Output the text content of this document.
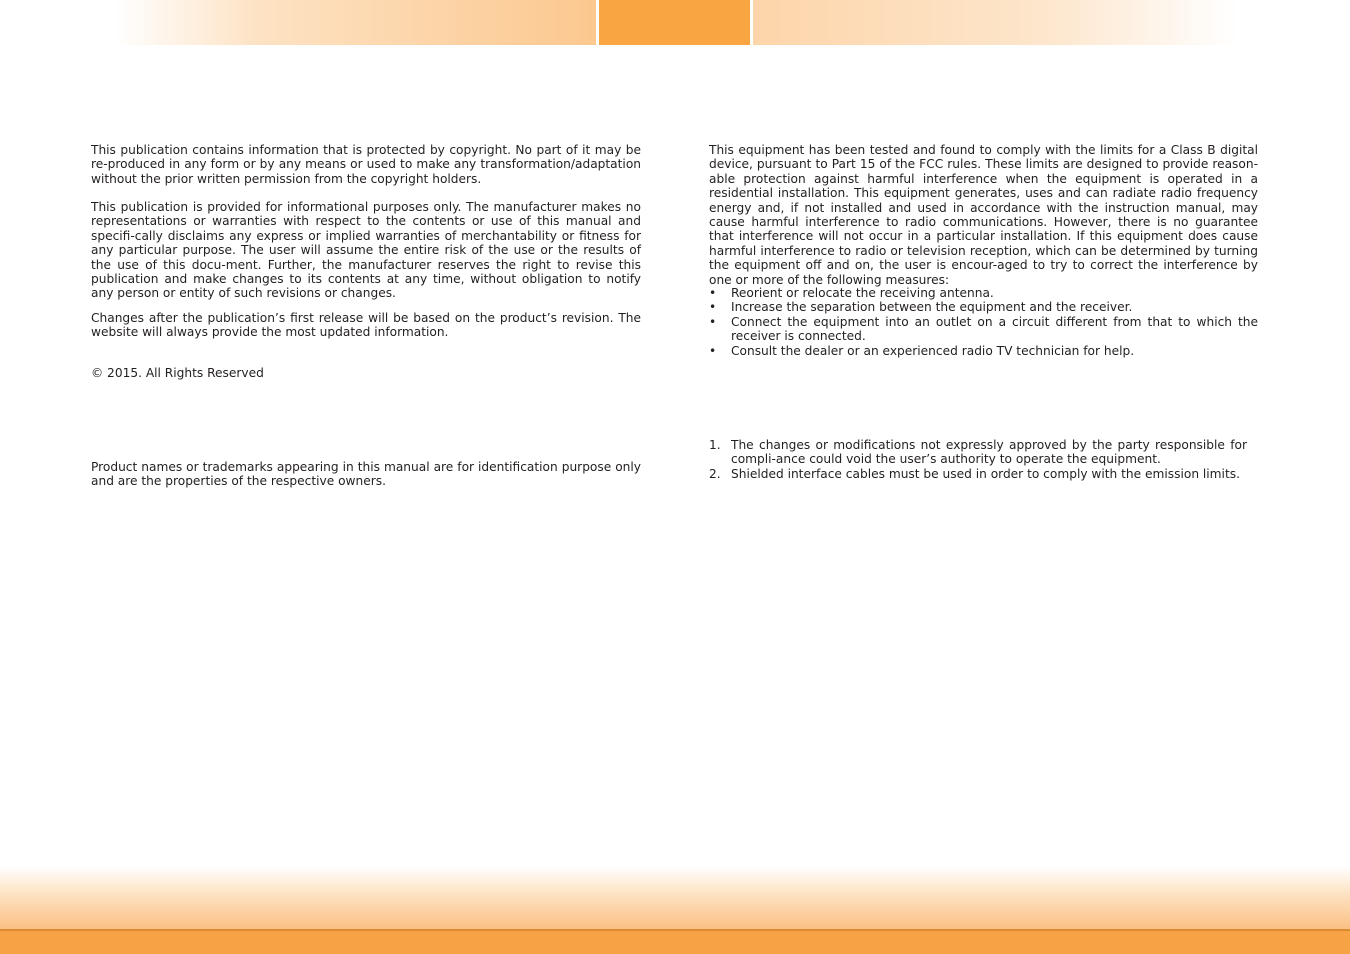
This publication contains information that is protected by copyright. No part of it may be re-produced in any form or by any means or used to make any transformation/adaptation without the prior written permission from the copyright holders.

This publication is provided for informational purposes only. The manufacturer makes no representations or warranties with respect to the contents or use of this manual and specifi-cally disclaims any express or implied warranties of merchantability or fitness for any particular purpose. The user will assume the entire risk of the use or the results of the use of this docu-ment. Further, the manufacturer reserves the right to revise this publication and make changes to its contents at any time, without obligation to notify any person or entity of such revisions or changes.

Changes after the publication’s first release will be based on the product’s revision. The website will always provide the most updated information.

© 2015. All Rights Reserved

Product names or trademarks appearing in this manual are for identification purpose only and are the properties of the respective owners.

This equipment has been tested and found to comply with the limits for a Class B digital device, pursuant to Part 15 of the FCC rules. These limits are designed to provide reason-able protection against harmful interference when the equipment is operated in a residential installation. This equipment generates, uses and can radiate radio frequency energy and, if not installed and used in accordance with the instruction manual, may cause harmful interference to radio communications. However, there is no guarantee that interference will not occur in a particular installation. If this equipment does cause harmful interference to radio or television reception, which can be determined by turning the equipment off and on, the user is encour-aged to try to correct the interference by one or more of the following measures:

• Reorient or relocate the receiving antenna.
• Increase the separation between the equipment and the receiver.
• Connect the equipment into an outlet on a circuit different from that to which the receiver is connected.
• Consult the dealer or an experienced radio TV technician for help.
1. The changes or modifications not expressly approved by the party responsible for compli-ance could void the user’s authority to operate the equipment.
2. Shielded interface cables must be used in order to comply with the emission limits.
